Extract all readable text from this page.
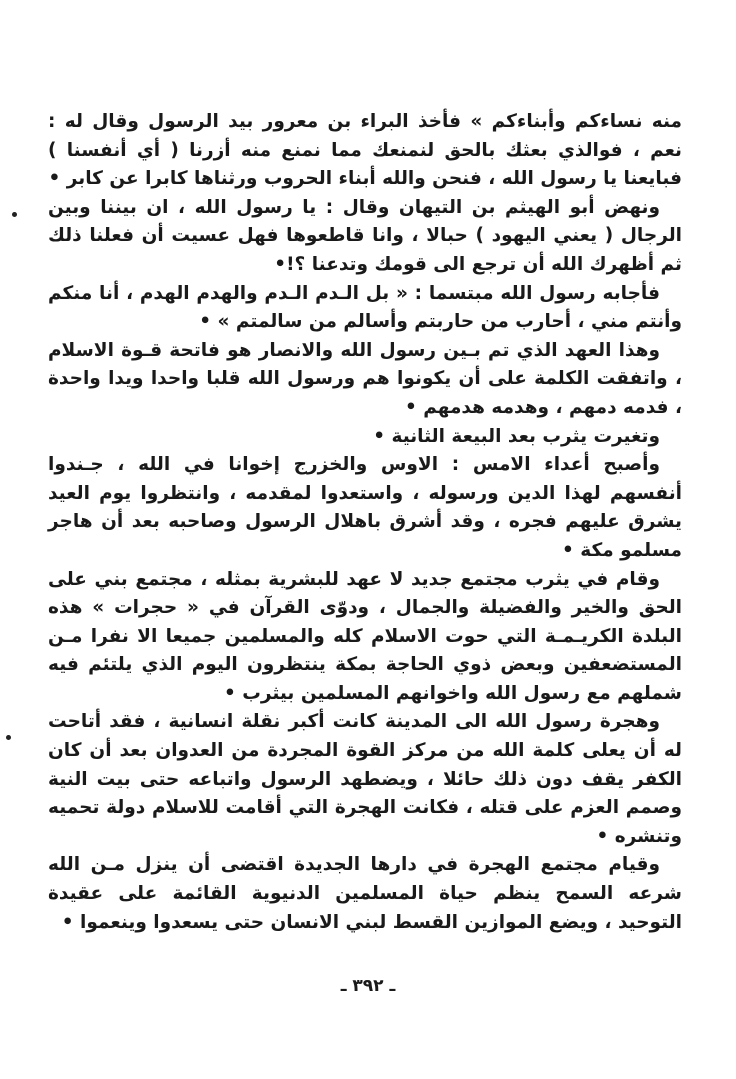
منه نساءكم وأبناءكم » فأخذ البراء بن معرور بيد الرسول وقال له : نعم ، فوالذي بعثك بالحق لنمنعك مما نمنع منه أزرنا ( أي أنفسنا ) فبايعنا يا رسول الله ، فنحن والله أبناء الحروب ورثناها كابرا عن كابر •

ونهض أبو الهيثم بن التيهان وقال : يا رسول الله ، ان بيننا وبين الرجال ( يعني اليهود ) حبالا ، وانا قاطعوها فهل عسيت أن فعلنا ذلك ثم أظهرك الله أن ترجع الى قومك وتدعنا ؟!•

فأجابه رسول الله مبتسما : « بل الـدم الـدم والهدم الهدم ، أنا منكم وأنتم مني ، أحارب من حاربتم وأسالم من سالمتم » •

وهذا العهد الذي تم بـين رسول الله والانصار هو فاتحة قـوة الاسلام ، واتفقت الكلمة على أن يكونوا هم ورسول الله قلبا واحدا ويدا واحدة ، فدمه دمهم ، وهدمه هدمهم •

وتغيرت يثرب بعد البيعة الثانية •

وأصبح أعداء الامس : الاوس والخزرج إخوانا في الله ، جـندوا أنفسهم لهذا الدين ورسوله ، واستعدوا لمقدمه ، وانتظروا يوم العيد يشرق عليهم فجره ، وقد أشرق باهلال الرسول وصاحبه بعد أن هاجر مسلمو مكة •

وقام في يثرب مجتمع جديد لا عهد للبشرية بمثله ، مجتمع بني على الحق والخير والفضيلة والجمال ، ودوّى القرآن في « حجرات » هذه البلدة الكريـمـة التي حوت الاسلام كله والمسلمين جميعا الا نفرا مـن المستضعفين وبعض ذوي الحاجة بمكة ينتظرون اليوم الذي يلتئم فيه شملهم مع رسول الله واخوانهم المسلمين بيثرب •

وهجرة رسول الله الى المدينة كانت أكبر نقلة انسانية ، فقد أتاحت له أن يعلى كلمة الله من مركز القوة المجردة من العدوان بعد أن كان الكفر يقف دون ذلك حائلا ، ويضطهد الرسول واتباعه حتى بيت النية وصمم العزم على قتله ، فكانت الهجرة التي أقامت للاسلام دولة تحميه وتنشره •

وقيام مجتمع الهجرة في دارها الجديدة اقتضى أن ينزل مـن الله شرعه السمح ينظم حياة المسلمين الدنيوية القائمة على عقيدة التوحيد ، ويضع الموازين القسط لبني الانسان حتى يسعدوا وينعموا •

ـ ٣٩٢ ـ
